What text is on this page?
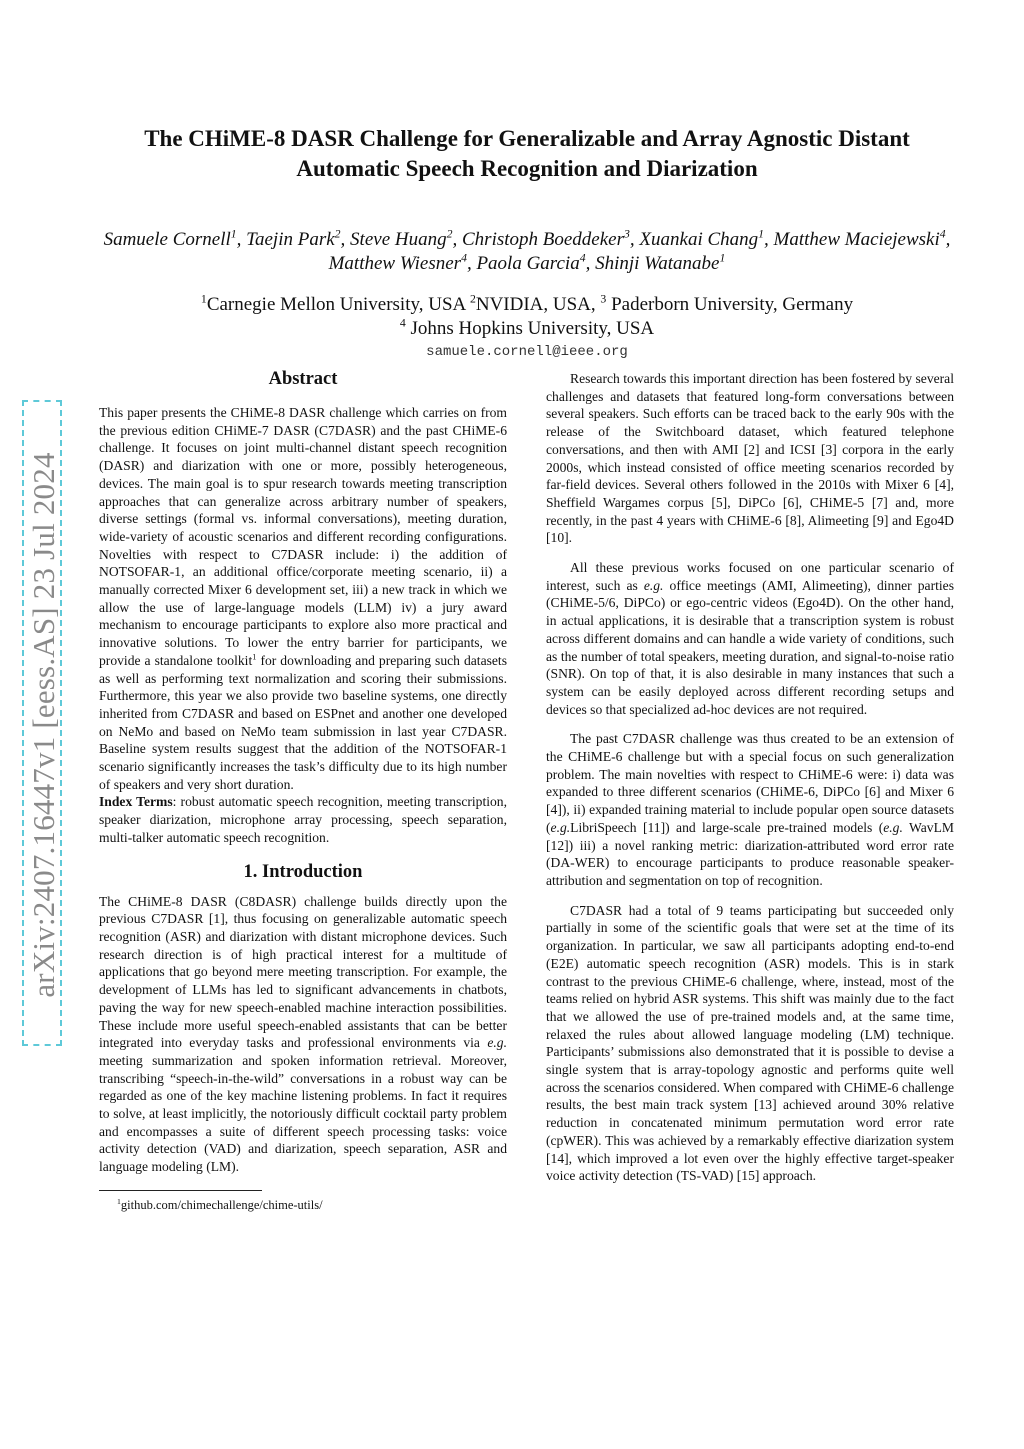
arXiv:2407.16447v1 [eess.AS] 23 Jul 2024
The CHiME-8 DASR Challenge for Generalizable and Array Agnostic Distant
Automatic Speech Recognition and Diarization
Samuele Cornell$^1$, Taejin Park$^2$, Steve Huang$^2$, Christoph Boeddeker$^3$, Xuankai Chang$^1$, Matthew Maciejewski$^4$, Matthew Wiesner$^4$, Paola Garcia$^4$, Shinji Watanabe$^1$
$^1$Carnegie Mellon University, USA $^2$NVIDIA, USA, $^3$ Paderborn University, Germany
$^4$ Johns Hopkins University, USA
samuele.cornell@ieee.org
Abstract

This paper presents the CHiME-8 DASR challenge which carries on from the previous edition CHiME-7 DASR (C7DASR) and the past CHiME-6 challenge. It focuses on joint multi-channel distant speech recognition (DASR) and diarization with one or more, possibly heterogeneous, devices. The main goal is to spur research towards meeting transcription approaches that can generalize across arbitrary number of speakers, diverse settings (formal vs. informal conversations), meeting duration, wide-variety of acoustic scenarios and different recording configurations. Novelties with respect to C7DASR include: i) the addition of NOTSOFAR-1, an additional office/corporate meeting scenario, ii) a manually corrected Mixer 6 development set, iii) a new track in which we allow the use of large-language models (LLM) iv) a jury award mechanism to encourage participants to explore also more practical and innovative solutions. To lower the entry barrier for participants, we provide a standalone toolkit$^1$ for downloading and preparing such datasets as well as performing text normalization and scoring their submissions. Furthermore, this year we also provide two baseline systems, one directly inherited from C7DASR and based on ESPnet and another one developed on NeMo and based on NeMo team submission in last year C7DASR. Baseline system results suggest that the addition of the NOTSOFAR-1 scenario significantly increases the task’s difficulty due to its high number of speakers and very short duration.

Index Terms: robust automatic speech recognition, meeting transcription, speaker diarization, microphone array processing, speech separation, multi-talker automatic speech recognition.

1. Introduction

The CHiME-8 DASR (C8DASR) challenge builds directly upon the previous C7DASR [1], thus focusing on generalizable automatic speech recognition (ASR) and diarization with distant microphone devices. Such research direction is of high practical interest for a multitude of applications that go beyond mere meeting transcription. For example, the development of LLMs has led to significant advancements in chatbots, paving the way for new speech-enabled machine interaction possibilities. These include more useful speech-enabled assistants that can be better integrated into everyday tasks and professional environments via e.g. meeting summarization and spoken information retrieval. Moreover, transcribing “speech-in-the-wild” conversations in a robust way can be regarded as one of the key machine listening problems. In fact it requires to solve, at least implicitly, the notoriously difficult cocktail party problem and encompasses a suite of different speech processing tasks: voice activity detection (VAD) and diarization, speech separation, ASR and language modeling (LM).

$^1$github.com/chimechallenge/chime-utils/

Research towards this important direction has been fostered by several challenges and datasets that featured long-form conversations between several speakers. Such efforts can be traced back to the early 90s with the release of the Switchboard dataset, which featured telephone conversations, and then with AMI [2] and ICSI [3] corpora in the early 2000s, which instead consisted of office meeting scenarios recorded by far-field devices. Several others followed in the 2010s with Mixer 6 [4], Sheffield Wargames corpus [5], DiPCo [6], CHiME-5 [7] and, more recently, in the past 4 years with CHiME-6 [8], Alimeeting [9] and Ego4D [10].

All these previous works focused on one particular scenario of interest, such as e.g. office meetings (AMI, Alimeeting), dinner parties (CHiME-5/6, DiPCo) or ego-centric videos (Ego4D). On the other hand, in actual applications, it is desirable that a transcription system is robust across different domains and can handle a wide variety of conditions, such as the number of total speakers, meeting duration, and signal-to-noise ratio (SNR). On top of that, it is also desirable in many instances that such a system can be easily deployed across different recording setups and devices so that specialized ad-hoc devices are not required.

The past C7DASR challenge was thus created to be an extension of the CHiME-6 challenge but with a special focus on such generalization problem. The main novelties with respect to CHiME-6 were: i) data was expanded to three different scenarios (CHiME-6, DiPCo [6] and Mixer 6 [4]), ii) expanded training material to include popular open source datasets (e.g.LibriSpeech [11]) and large-scale pre-trained models (e.g. WavLM [12]) iii) a novel ranking metric: diarization-attributed word error rate (DA-WER) to encourage participants to produce reasonable speaker-attribution and segmentation on top of recognition.

C7DASR had a total of 9 teams participating but succeeded only partially in some of the scientific goals that were set at the time of its organization. In particular, we saw all participants adopting end-to-end (E2E) automatic speech recognition (ASR) models. This is in stark contrast to the previous CHiME-6 challenge, where, instead, most of the teams relied on hybrid ASR systems. This shift was mainly due to the fact that we allowed the use of pre-trained models and, at the same time, relaxed the rules about allowed language modeling (LM) technique. Participants’ submissions also demonstrated that it is possible to devise a single system that is array-topology agnostic and performs quite well across the scenarios considered. When compared with CHiME-6 challenge results, the best main track system [13] achieved around 30% relative reduction in concatenated minimum permutation word error rate (cpWER). This was achieved by a remarkably effective diarization system [14], which improved a lot even over the highly effective target-speaker voice activity detection (TS-VAD) [15] approach.
